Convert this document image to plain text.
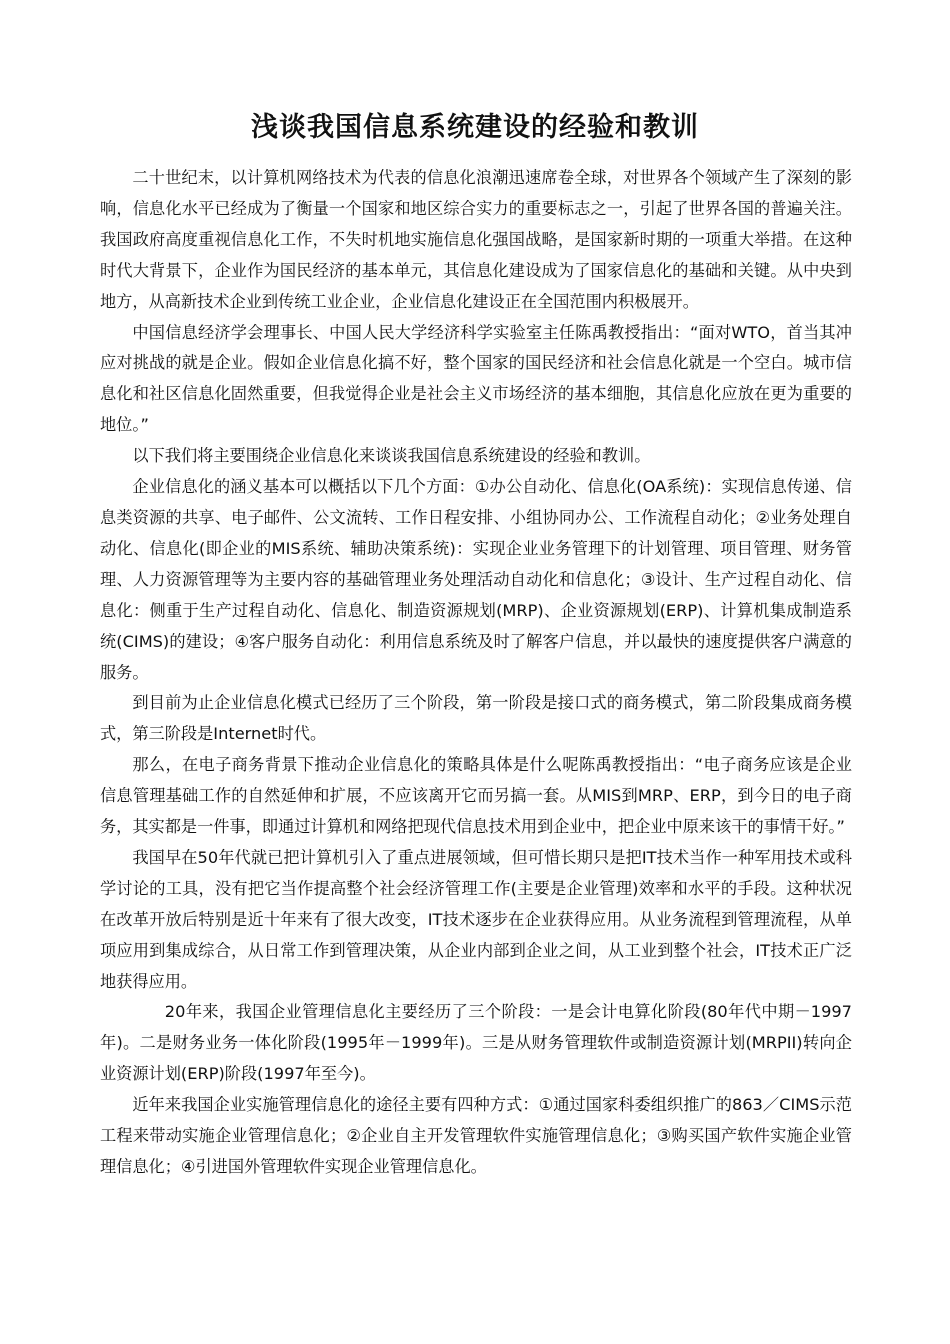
浅谈我国信息系统建设的经验和教训

二十世纪末，以计算机网络技术为代表的信息化浪潮迅速席卷全球，对世界各个领域产生了深刻的影响，信息化水平已经成为了衡量一个国家和地区综合实力的重要标志之一，引起了世界各国的普遍关注。我国政府高度重视信息化工作，不失时机地实施信息化强国战略，是国家新时期的一项重大举措。在这种时代大背景下，企业作为国民经济的基本单元，其信息化建设成为了国家信息化的基础和关键。从中央到地方，从高新技术企业到传统工业企业，企业信息化建设正在全国范围内积极展开。

中国信息经济学会理事长、中国人民大学经济科学实验室主任陈禹教授指出：“面对WTO，首当其冲应对挑战的就是企业。假如企业信息化搞不好，整个国家的国民经济和社会信息化就是一个空白。城市信息化和社区信息化固然重要，但我觉得企业是社会主义市场经济的基本细胞，其信息化应放在更为重要的地位。”

以下我们将主要围绕企业信息化来谈谈我国信息系统建设的经验和教训。

企业信息化的涵义基本可以概括以下几个方面：①办公自动化、信息化(OA系统)：实现信息传递、信息类资源的共享、电子邮件、公文流转、工作日程安排、小组协同办公、工作流程自动化；②业务处理自动化、信息化(即企业的MIS系统、辅助决策系统)：实现企业业务管理下的计划管理、项目管理、财务管理、人力资源管理等为主要内容的基础管理业务处理活动自动化和信息化；③设计、生产过程自动化、信息化：侧重于生产过程自动化、信息化、制造资源规划(MRP)、企业资源规划(ERP)、计算机集成制造系统(CIMS)的建设；④客户服务自动化：利用信息系统及时了解客户信息，并以最快的速度提供客户满意的服务。

到目前为止企业信息化模式已经历了三个阶段，第一阶段是接口式的商务模式，第二阶段集成商务模式，第三阶段是Internet时代。

那么，在电子商务背景下推动企业信息化的策略具体是什么呢陈禹教授指出：“电子商务应该是企业信息管理基础工作的自然延伸和扩展，不应该离开它而另搞一套。从MIS到MRP、ERP，到今日的电子商务，其实都是一件事，即通过计算机和网络把现代信息技术用到企业中，把企业中原来该干的事情干好。”

我国早在50年代就已把计算机引入了重点进展领域，但可惜长期只是把IT技术当作一种军用技术或科学讨论的工具，没有把它当作提高整个社会经济管理工作(主要是企业管理)效率和水平的手段。这种状况在改革开放后特别是近十年来有了很大改变，IT技术逐步在企业获得应用。从业务流程到管理流程，从单项应用到集成综合，从日常工作到管理决策，从企业内部到企业之间，从工业到整个社会，IT技术正广泛地获得应用。

20年来，我国企业管理信息化主要经历了三个阶段：一是会计电算化阶段(80年代中期－1997年)。二是财务业务一体化阶段(1995年－1999年)。三是从财务管理软件或制造资源计划(MRPII)转向企业资源计划(ERP)阶段(1997年至今)。

近年来我国企业实施管理信息化的途径主要有四种方式：①通过国家科委组织推广的863／CIMS示范工程来带动实施企业管理信息化；②企业自主开发管理软件实施管理信息化；③购买国产软件实施企业管理信息化；④引进国外管理软件实现企业管理信息化。
